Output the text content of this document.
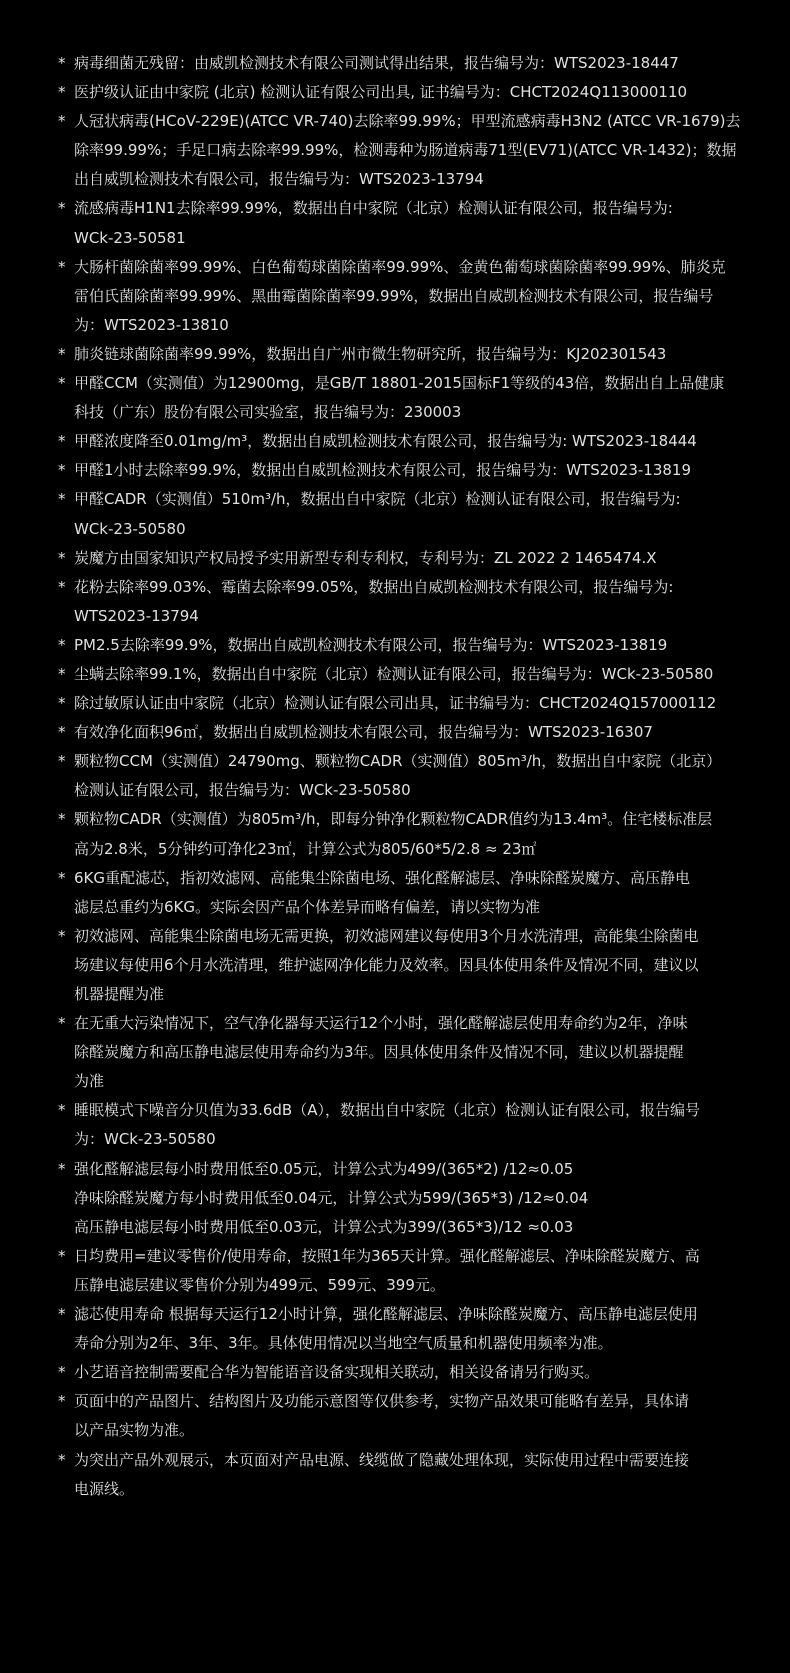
* 病毒细菌无残留：由威凯检测技术有限公司测试得出结果，报告编号为：WTS2023-18447
* 医护级认证由中家院 (北京) 检测认证有限公司出具, 证书编号为：CHCT2024Q113000110
* 人冠状病毒(HCoV-229E)(ATCC VR-740)去除率99.99%；甲型流感病毒H3N2 (ATCC VR-1679)去
除率99.99%；手足口病去除率99.99%，检测毒种为肠道病毒71型(EV71)(ATCC VR-1432)；数据
出自威凯检测技术有限公司，报告编号为：WTS2023-13794
* 流感病毒H1N1去除率99.99%，数据出自中家院（北京）检测认证有限公司，报告编号为:
WCk-23-50581
* 大肠杆菌除菌率99.99%、白色葡萄球菌除菌率99.99%、金黄色葡萄球菌除菌率99.99%、肺炎克
雷伯氏菌除菌率99.99%、黑曲霉菌除菌率99.99%，数据出自威凯检测技术有限公司，报告编号
为：WTS2023-13810
* 肺炎链球菌除菌率99.99%，数据出自广州市微生物研究所，报告编号为：KJ202301543
* 甲醛CCM（实测值）为12900mg，是GB/T 18801-2015国标F1等级的43倍，数据出自上品健康
科技（广东）股份有限公司实验室，报告编号为：230003
* 甲醛浓度降至0.01mg/m³，数据出自威凯检测技术有限公司，报告编号为: WTS2023-18444
* 甲醛1小时去除率99.9%，数据出自威凯检测技术有限公司，报告编号为：WTS2023-13819
* 甲醛CADR（实测值）510m³/h，数据出自中家院（北京）检测认证有限公司，报告编号为:
WCk-23-50580
* 炭魔方由国家知识产权局授予实用新型专利专利权，专利号为：ZL 2022 2 1465474.X
* 花粉去除率99.03%、霉菌去除率99.05%，数据出自威凯检测技术有限公司，报告编号为:
WTS2023-13794
* PM2.5去除率99.9%，数据出自威凯检测技术有限公司，报告编号为：WTS2023-13819
* 尘螨去除率99.1%，数据出自中家院（北京）检测认证有限公司，报告编号为：WCk-23-50580
* 除过敏原认证由中家院（北京）检测认证有限公司出具，证书编号为：CHCT2024Q157000112
* 有效净化面积96㎡，数据出自威凯检测技术有限公司，报告编号为：WTS2023-16307
* 颗粒物CCM（实测值）24790mg、颗粒物CADR（实测值）805m³/h，数据出自中家院（北京）
检测认证有限公司，报告编号为：WCk-23-50580
* 颗粒物CADR（实测值）为805m³/h，即每分钟净化颗粒物CADR值约为13.4m³。住宅楼标准层
高为2.8米，5分钟约可净化23㎡，计算公式为805/60*5/2.8 ≈ 23㎡
* 6KG重配滤芯，指初效滤网、高能集尘除菌电场、强化醛解滤层、净味除醛炭魔方、高压静电
滤层总重约为6KG。实际会因产品个体差异而略有偏差，请以实物为准
* 初效滤网、高能集尘除菌电场无需更换，初效滤网建议每使用3个月水洗清理，高能集尘除菌电
场建议每使用6个月水洗清理，维护滤网净化能力及效率。因具体使用条件及情况不同，建议以
机器提醒为准
* 在无重大污染情况下，空气净化器每天运行12个小时，强化醛解滤层使用寿命约为2年，净味
除醛炭魔方和高压静电滤层使用寿命约为3年。因具体使用条件及情况不同，建议以机器提醒
为准
* 睡眠模式下噪音分贝值为33.6dB（A），数据出自中家院（北京）检测认证有限公司，报告编号
为：WCk-23-50580
* 强化醛解滤层每小时费用低至0.05元，计算公式为499/(365*2) /12≈0.05
净味除醛炭魔方每小时费用低至0.04元，计算公式为599/(365*3) /12≈0.04
高压静电滤层每小时费用低至0.03元，计算公式为399/(365*3)/12 ≈0.03
* 日均费用=建议零售价/使用寿命，按照1年为365天计算。强化醛解滤层、净味除醛炭魔方、高
压静电滤层建议零售价分别为499元、599元、399元。
* 滤芯使用寿命 根据每天运行12小时计算，强化醛解滤层、净味除醛炭魔方、高压静电滤层使用
寿命分别为2年、3年、3年。具体使用情况以当地空气质量和机器使用频率为准。
* 小艺语音控制需要配合华为智能语音设备实现相关联动，相关设备请另行购买。
* 页面中的产品图片、结构图片及功能示意图等仅供参考，实物产品效果可能略有差异，具体请
以产品实物为准。
* 为突出产品外观展示，本页面对产品电源、线缆做了隐藏处理体现，实际使用过程中需要连接
电源线。
